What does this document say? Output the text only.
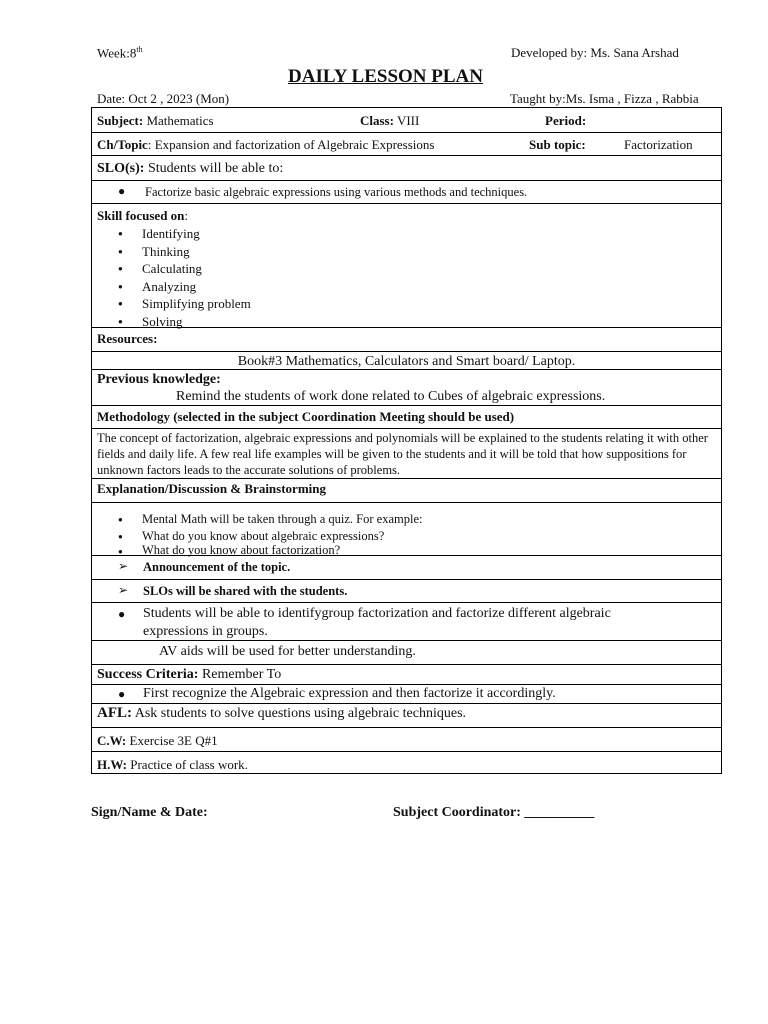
Week:8th	Developed by: Ms. Sana Arshad
DAILY LESSON PLAN
Date: Oct 2 , 2023 (Mon)	Taught by:Ms. Isma , Fizza , Rabbia
Subject: Mathematics	Class: VIII	Period:
Ch/Topic: Expansion and factorization of Algebraic Expressions	Sub topic:	Factorization
SLO(s): Students will be able to:
● Factorize basic algebraic expressions using various methods and techniques.
Skill focused on:
● Identifying
● Thinking
● Calculating
● Analyzing
● Simplifying problem
● Solving
Resources:
Book#3 Mathematics, Calculators and Smart board/ Laptop.
Previous knowledge:
Remind the students of work done related to Cubes of algebraic expressions.
Methodology (selected in the subject Coordination Meeting should be used)
The concept of factorization, algebraic expressions and polynomials will be explained to the students relating it with other fields and daily life. A few real life examples will be given to the students and it will be told that how suppositions for unknown factors leads to the accurate solutions of problems.
Explanation/Discussion & Brainstorming
● Mental Math will be taken through a quiz. For example:
● What do you know about algebraic expressions?
● What do you know about factorization?
➢ Announcement of the topic.
➢ SLOs will be shared with the students.
● Students will be able to identifygroup factorization and factorize different algebraic
expressions in groups.
AV aids will be used for better understanding.
Success Criteria: Remember To
● First recognize the Algebraic expression and then factorize it accordingly.
AFL: Ask students to solve questions using algebraic techniques.
C.W: Exercise 3E Q#1
H.W: Practice of class work.
Sign/Name & Date:	Subject Coordinator: __________
